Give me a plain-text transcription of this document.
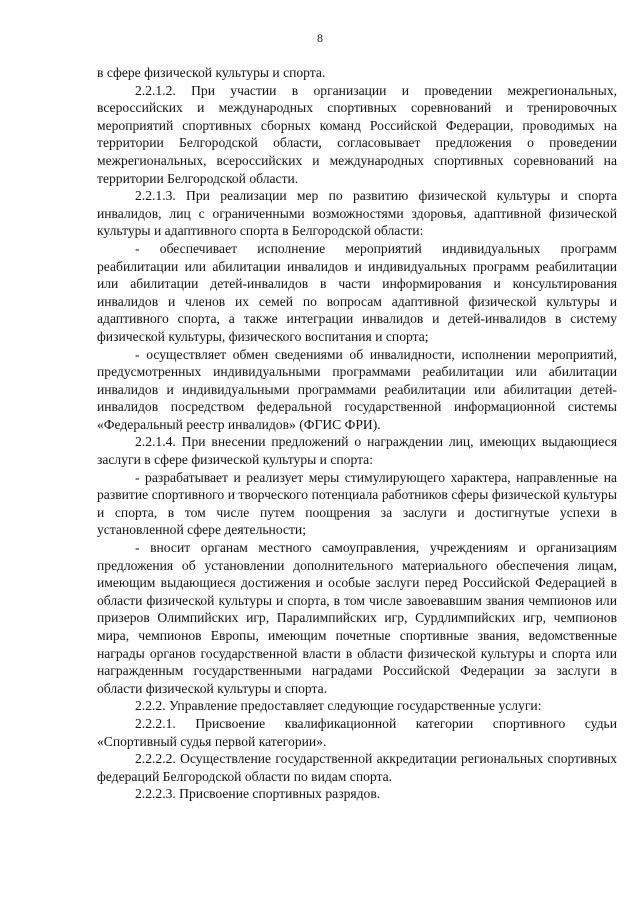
8

в сфере физической культуры и спорта.

2.2.1.2. При участии в организации и проведении межрегиональных, всероссийских и международных спортивных соревнований и тренировочных мероприятий спортивных сборных команд Российской Федерации, проводимых на территории Белгородской области, согласовывает предложения о проведении межрегиональных, всероссийских и международных спортивных соревнований на территории Белгородской области.

2.2.1.3. При реализации мер по развитию физической культуры и спорта инвалидов, лиц с ограниченными возможностями здоровья, адаптивной физической культуры и адаптивного спорта в Белгородской области:

- обеспечивает исполнение мероприятий индивидуальных программ реабилитации или абилитации инвалидов и индивидуальных программ реабилитации или абилитации детей-инвалидов в части информирования и консультирования инвалидов и членов их семей по вопросам адаптивной физической культуры и адаптивного спорта, а также интеграции инвалидов и детей-инвалидов в систему физической культуры, физического воспитания и спорта;

- осуществляет обмен сведениями об инвалидности, исполнении мероприятий, предусмотренных индивидуальными программами реабилитации или абилитации инвалидов и индивидуальными программами реабилитации или абилитации детей-инвалидов посредством федеральной государственной информационной системы «Федеральный реестр инвалидов» (ФГИС ФРИ).

2.2.1.4. При внесении предложений о награждении лиц, имеющих выдающиеся заслуги в сфере физической культуры и спорта:

- разрабатывает и реализует меры стимулирующего характера, направленные на развитие спортивного и творческого потенциала работников сферы физической культуры и спорта, в том числе путем поощрения за заслуги и достигнутые успехи в установленной сфере деятельности;

- вносит органам местного самоуправления, учреждениям и организациям предложения об установлении дополнительного материального обеспечения лицам, имеющим выдающиеся достижения и особые заслуги перед Российской Федерацией в области физической культуры и спорта, в том числе завоевавшим звания чемпионов или призеров Олимпийских игр, Паралимпийских игр, Сурдлимпийских игр, чемпионов мира, чемпионов Европы, имеющим почетные спортивные звания, ведомственные награды органов государственной власти в области физической культуры и спорта или награжденным государственными наградами Российской Федерации за заслуги в области физической культуры и спорта.

2.2.2. Управление предоставляет следующие государственные услуги:

2.2.2.1. Присвоение квалификационной категории спортивного судьи «Спортивный судья первой категории».

2.2.2.2. Осуществление государственной аккредитации региональных спортивных федераций Белгородской области по видам спорта.

2.2.2.3. Присвоение спортивных разрядов.
